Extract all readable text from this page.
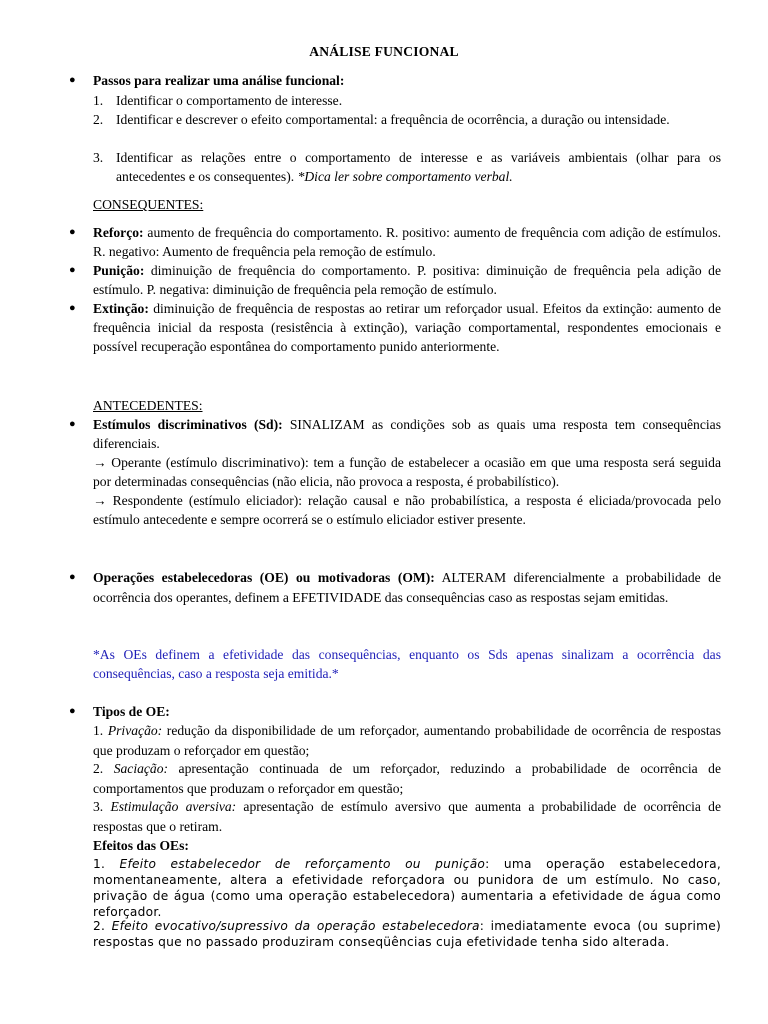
ANÁLISE FUNCIONAL
● Passos para realizar uma análise funcional:
1. Identificar o comportamento de interesse.
2. Identificar e descrever o efeito comportamental: a frequência de ocorrência, a duração ou intensidade.
3. Identificar as relações entre o comportamento de interesse e as variáveis ambientais (olhar para os antecedentes e os consequentes). *Dica ler sobre comportamento verbal.
CONSEQUENTES:
● Reforço: aumento de frequência do comportamento. R. positivo: aumento de frequência com adição de estímulos. R. negativo: Aumento de frequência pela remoção de estímulo.
● Punição: diminuição de frequência do comportamento. P. positiva: diminuição de frequência pela adição de estímulo. P. negativa: diminuição de frequência pela remoção de estímulo.
● Extinção: diminuição de frequência de respostas ao retirar um reforçador usual. Efeitos da extinção: aumento de frequência inicial da resposta (resistência à extinção), variação comportamental, respondentes emocionais e possível recuperação espontânea do comportamento punido anteriormente.
ANTECEDENTES:
● Estímulos discriminativos (Sd): SINALIZAM as condições sob as quais uma resposta tem consequências diferenciais.
→ Operante (estímulo discriminativo): tem a função de estabelecer a ocasião em que uma resposta será seguida por determinadas consequências (não elicia, não provoca a resposta, é probabilístico).
→ Respondente (estímulo eliciador): relação causal e não probabilística, a resposta é eliciada/provocada pelo estímulo antecedente e sempre ocorrerá se o estímulo eliciador estiver presente.
● Operações estabelecedoras (OE) ou motivadoras (OM): ALTERAM diferencialmente a probabilidade de ocorrência dos operantes, definem a EFETIVIDADE das consequências caso as respostas sejam emitidas.
*As OEs definem a efetividade das consequências, enquanto os Sds apenas sinalizam a ocorrência das consequências, caso a resposta seja emitida.*
● Tipos de OE:
1. Privação: redução da disponibilidade de um reforçador, aumentando probabilidade de ocorrência de respostas que produzam o reforçador em questão;
2. Saciação: apresentação continuada de um reforçador, reduzindo a probabilidade de ocorrência de comportamentos que produzam o reforçador em questão;
3. Estimulação aversiva: apresentação de estímulo aversivo que aumenta a probabilidade de ocorrência de respostas que o retiram.
Efeitos das OEs:
1. Efeito estabelecedor de reforçamento ou punição: uma operação estabelecedora, momentaneamente, altera a efetividade reforçadora ou punidora de um estímulo. No caso, privação de água (como uma operação estabelecedora) aumentaria a efetividade de água como reforçador.
2. Efeito evocativo/supressivo da operação estabelecedora: imediatamente evoca (ou suprime) respostas que no passado produziram conseqüências cuja efetividade tenha sido alterada.
